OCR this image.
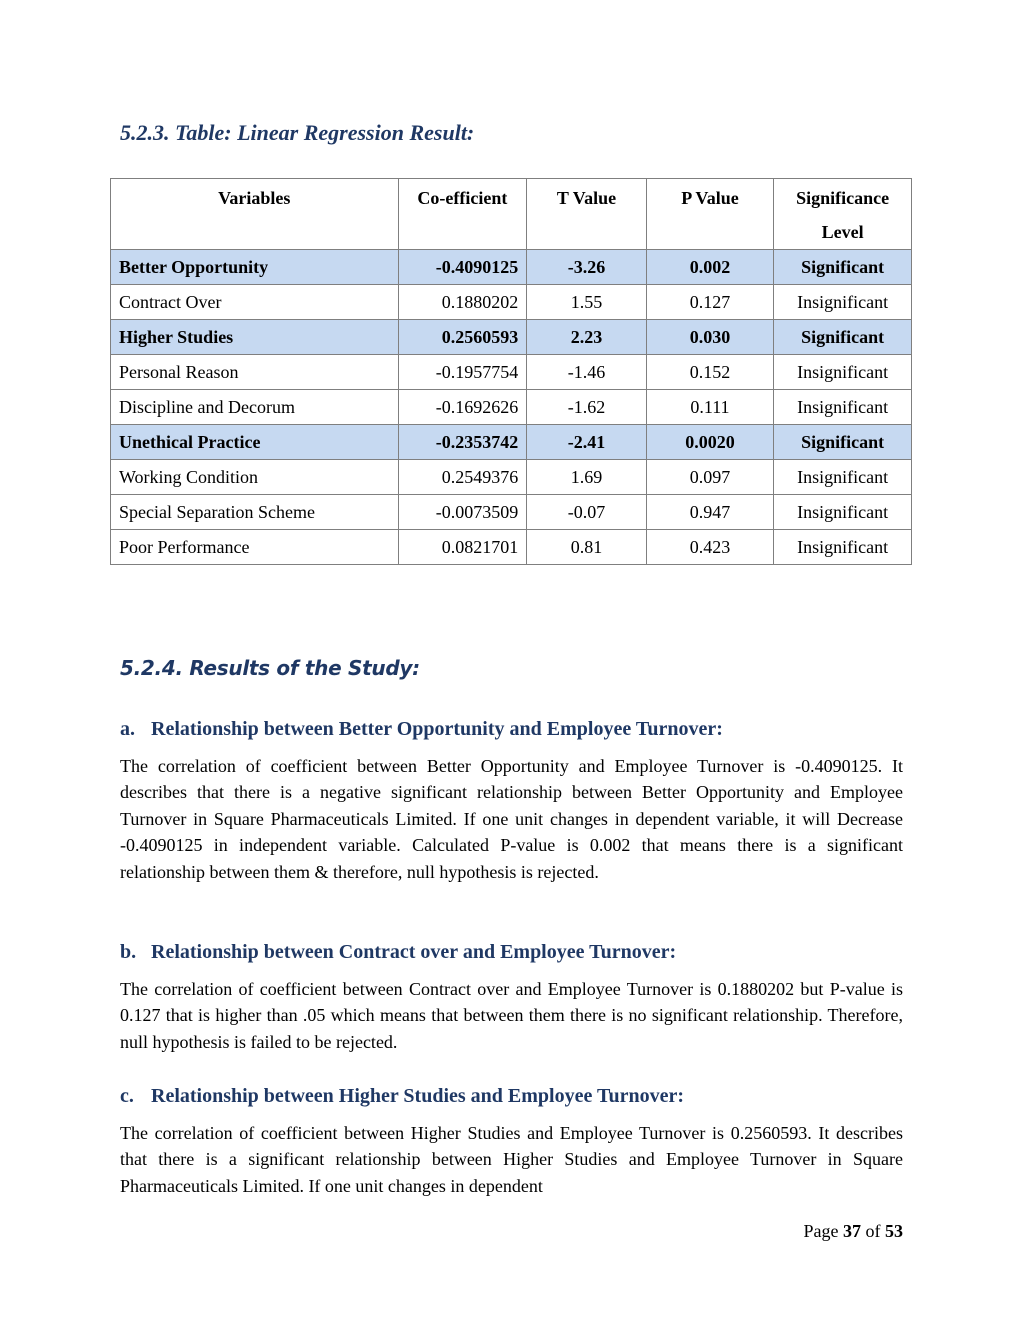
5.2.3. Table: Linear Regression Result:
Variables	Co-efficient	T Value	P Value	Significance Level
Better Opportunity	-0.4090125	-3.26	0.002	Significant
Contract Over	0.1880202	1.55	0.127	Insignificant
Higher Studies	0.2560593	2.23	0.030	Significant
Personal Reason	-0.1957754	-1.46	0.152	Insignificant
Discipline and Decorum	-0.1692626	-1.62	0.111	Insignificant
Unethical Practice	-0.2353742	-2.41	0.0020	Significant
Working Condition	0.2549376	1.69	0.097	Insignificant
Special Separation Scheme	-0.0073509	-0.07	0.947	Insignificant
Poor Performance	0.0821701	0.81	0.423	Insignificant
5.2.4. Results of the Study:
a. Relationship between Better Opportunity and Employee Turnover:

The correlation of coefficient between Better Opportunity and Employee Turnover is -0.4090125. It describes that there is a negative significant relationship between Better Opportunity and Employee Turnover in Square Pharmaceuticals Limited. If one unit changes in dependent variable, it will Decrease -0.4090125 in independent variable. Calculated P-value is 0.002 that means there is a significant relationship between them & therefore, null hypothesis is rejected.

b. Relationship between Contract over and Employee Turnover:

The correlation of coefficient between Contract over and Employee Turnover is 0.1880202 but P-value is 0.127 that is higher than .05 which means that between them there is no significant relationship. Therefore, null hypothesis is failed to be rejected.

c. Relationship between Higher Studies and Employee Turnover:

The correlation of coefficient between Higher Studies and Employee Turnover is 0.2560593. It describes that there is a significant relationship between Higher Studies and Employee Turnover in Square Pharmaceuticals Limited. If one unit changes in dependent

Page 37 of 53
